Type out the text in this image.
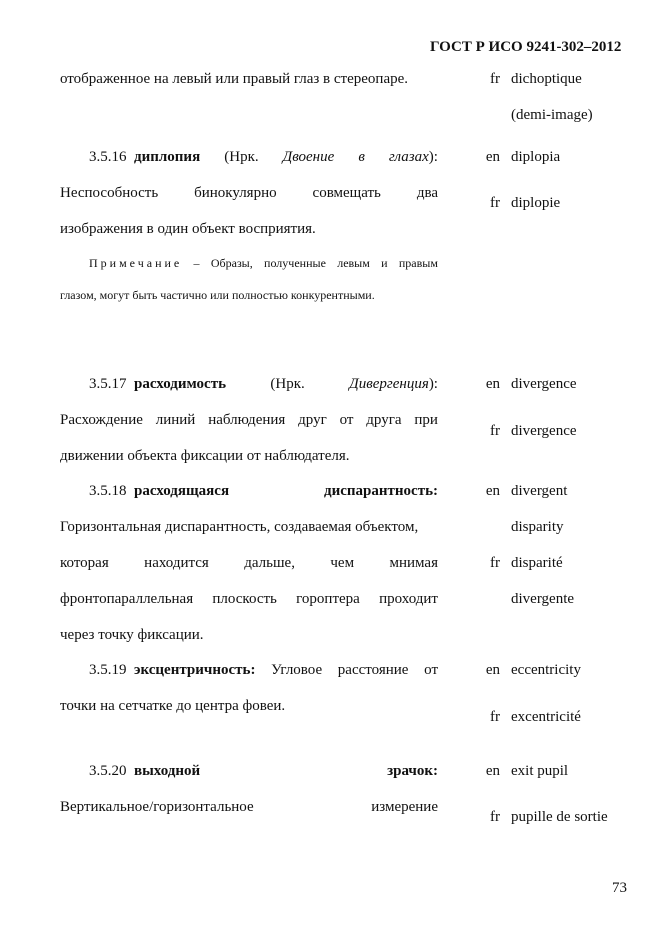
ГОСТ Р ИСО 9241-302–2012
отображенное на левый или правый глаз в стереопаре.	fr dichoptique
(demi-image)
3.5.16 диплопия (Нрк. Двоение в глазах):
Неспособность бинокулярно совмещать два
изображения в один объект восприятия.
Примечание – Образы, полученные левым и правым
глазом, могут быть частично или полностью конкурентными.
en diplopia
fr diplopie
3.5.17 расходимость	(Нрк.	Дивергенция):
Расхождение линий наблюдения друг от друга при
движении объекта фиксации от наблюдателя.
en divergence
fr divergence
3.5.18 расходящаяся	диспарантность:
Горизонтальная диспарантность, создаваемая объектом,
которая находится дальше, чем мнимая
фронтопараллельная плоскость гороптера проходит
через точку фиксации.
en divergent
disparity
fr disparité
divergente
3.5.19 эксцентричность: Угловое расстояние от
точки на сетчатке до центра фовеи.
en eccentricity
fr excentricité
3.5.20 выходной	зрачок:
Вертикальное/горизонтальное	измерение
en exit pupil
fr pupille de sortie
73
